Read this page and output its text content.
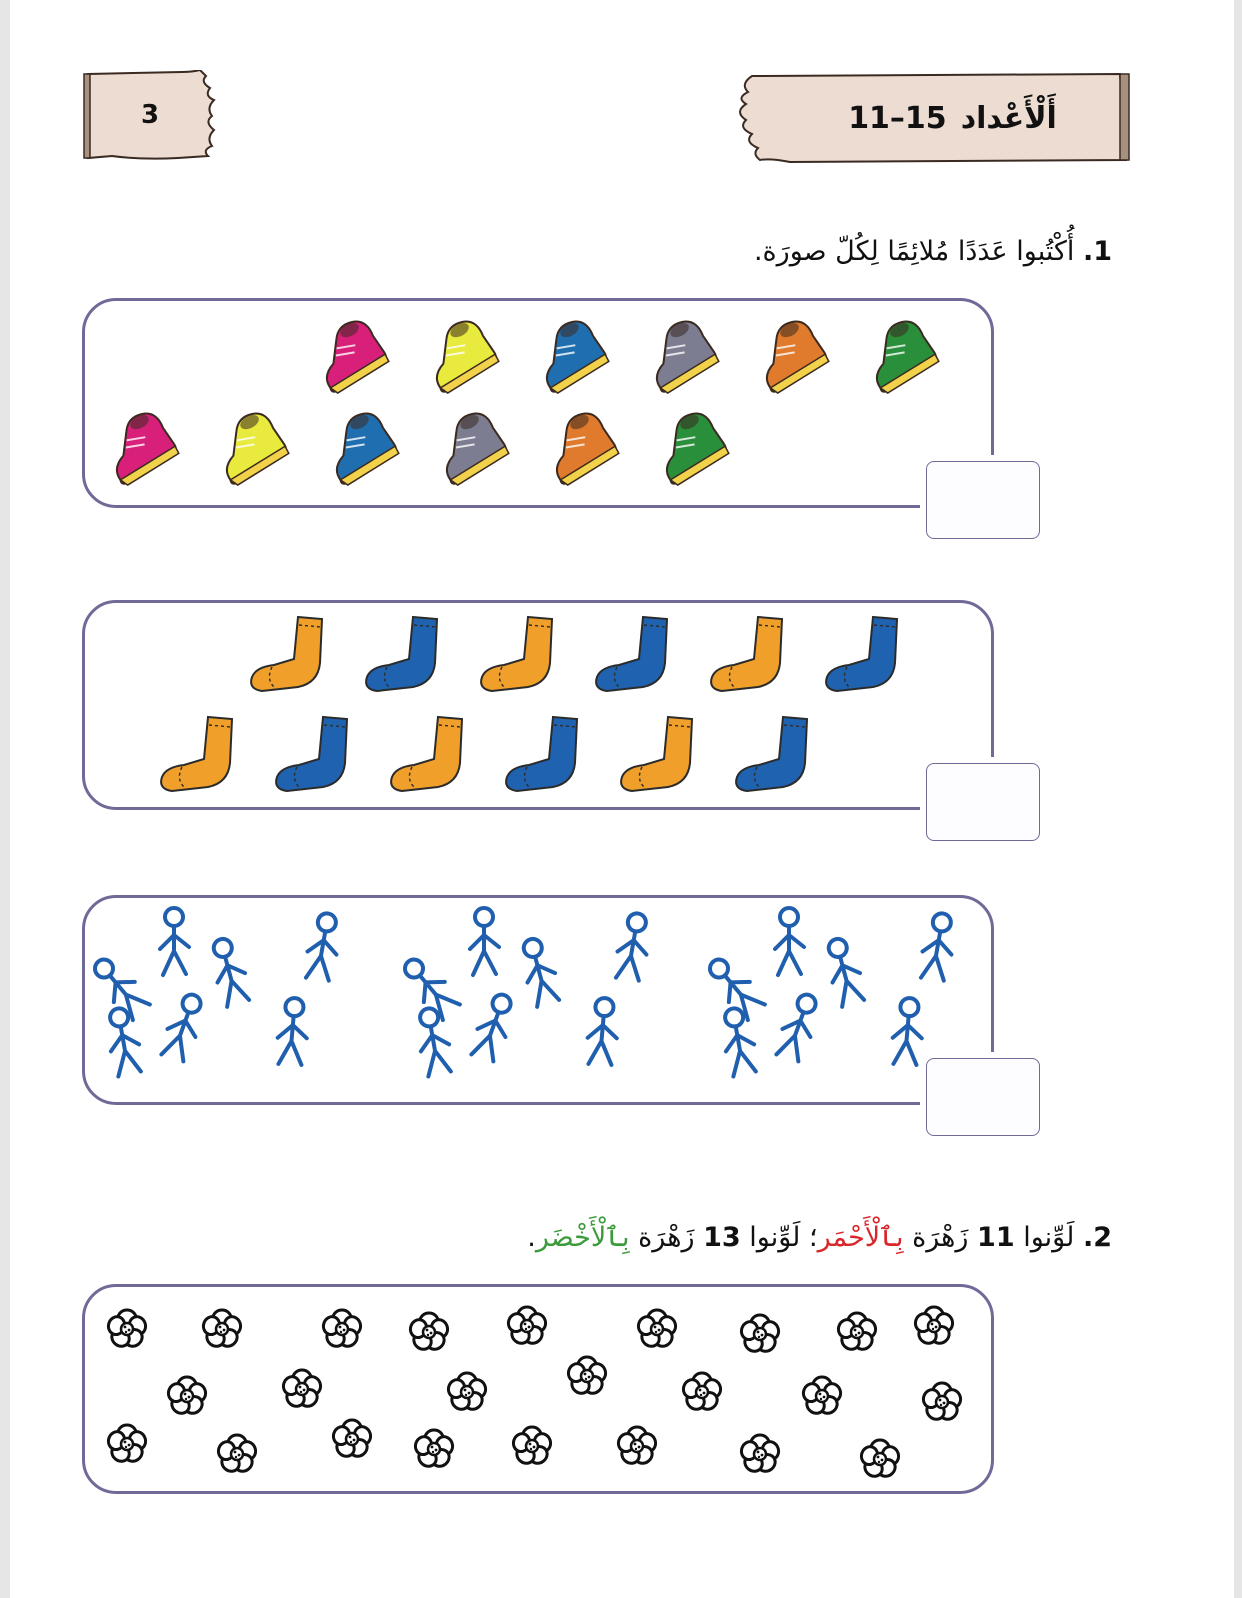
3	أَلْأَعْداد
11–15
1. أُكْتُبوا عَدَدًا مُلائِمًا لِكُلّ صورَة.
2. لَوِّنوا 11 زَهْرَة بِٱلْأَحْمَر؛ لَوِّنوا 13 زَهْرَة بِٱلْأَخْضَر.
